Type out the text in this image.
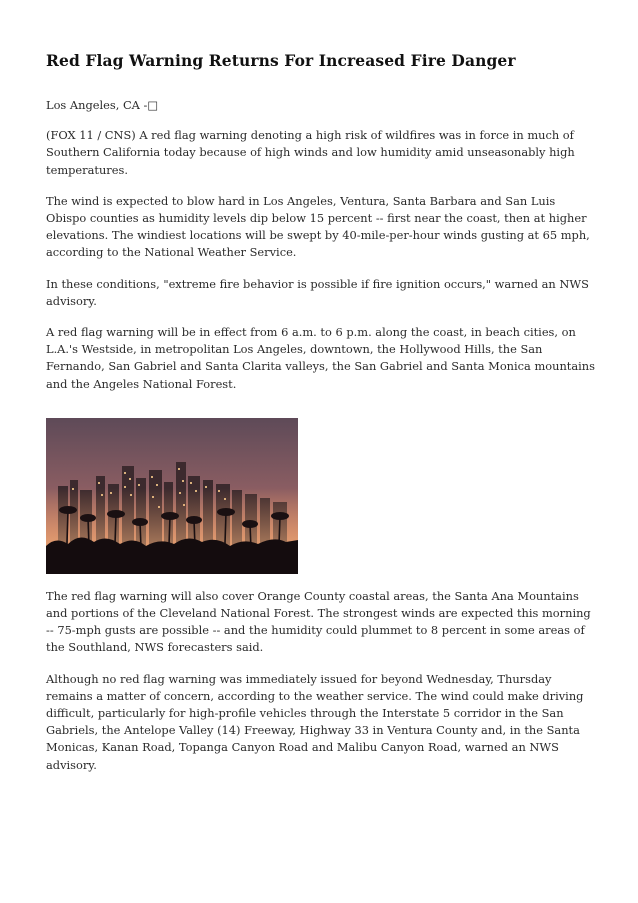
Red Flag Warning Returns For Increased Fire Danger

Los Angeles, CA -□

(FOX 11 / CNS) A red flag warning denoting a high risk of wildfires was in force in much of Southern California today because of high winds and low humidity amid unseasonably high temperatures.

The wind is expected to blow hard in Los Angeles, Ventura, Santa Barbara and San Luis Obispo counties as humidity levels dip below 15 percent -- first near the coast, then at higher elevations. The windiest locations will be swept by 40-mile-per-hour winds gusting at 65 mph, according to the National Weather Service.

In these conditions, "extreme fire behavior is possible if fire ignition occurs," warned an NWS advisory.

A red flag warning will be in effect from 6 a.m. to 6 p.m. along the coast, in beach cities, on L.A.'s Westside, in metropolitan Los Angeles, downtown, the Hollywood Hills, the San Fernando, San Gabriel and Santa Clarita valleys, the San Gabriel and Santa Monica mountains and the Angeles National Forest.

The red flag warning will also cover Orange County coastal areas, the Santa Ana Mountains and portions of the Cleveland National Forest. The strongest winds are expected this morning -- 75-mph gusts are possible -- and the humidity could plummet to 8 percent in some areas of the Southland, NWS forecasters said.

Although no red flag warning was immediately issued for beyond Wednesday, Thursday remains a matter of concern, according to the weather service. The wind could make driving difficult, particularly for high-profile vehicles through the Interstate 5 corridor in the San Gabriels, the Antelope Valley (14) Freeway, Highway 33 in Ventura County and, in the Santa Monicas, Kanan Road, Topanga Canyon Road and Malibu Canyon Road, warned an NWS advisory.
